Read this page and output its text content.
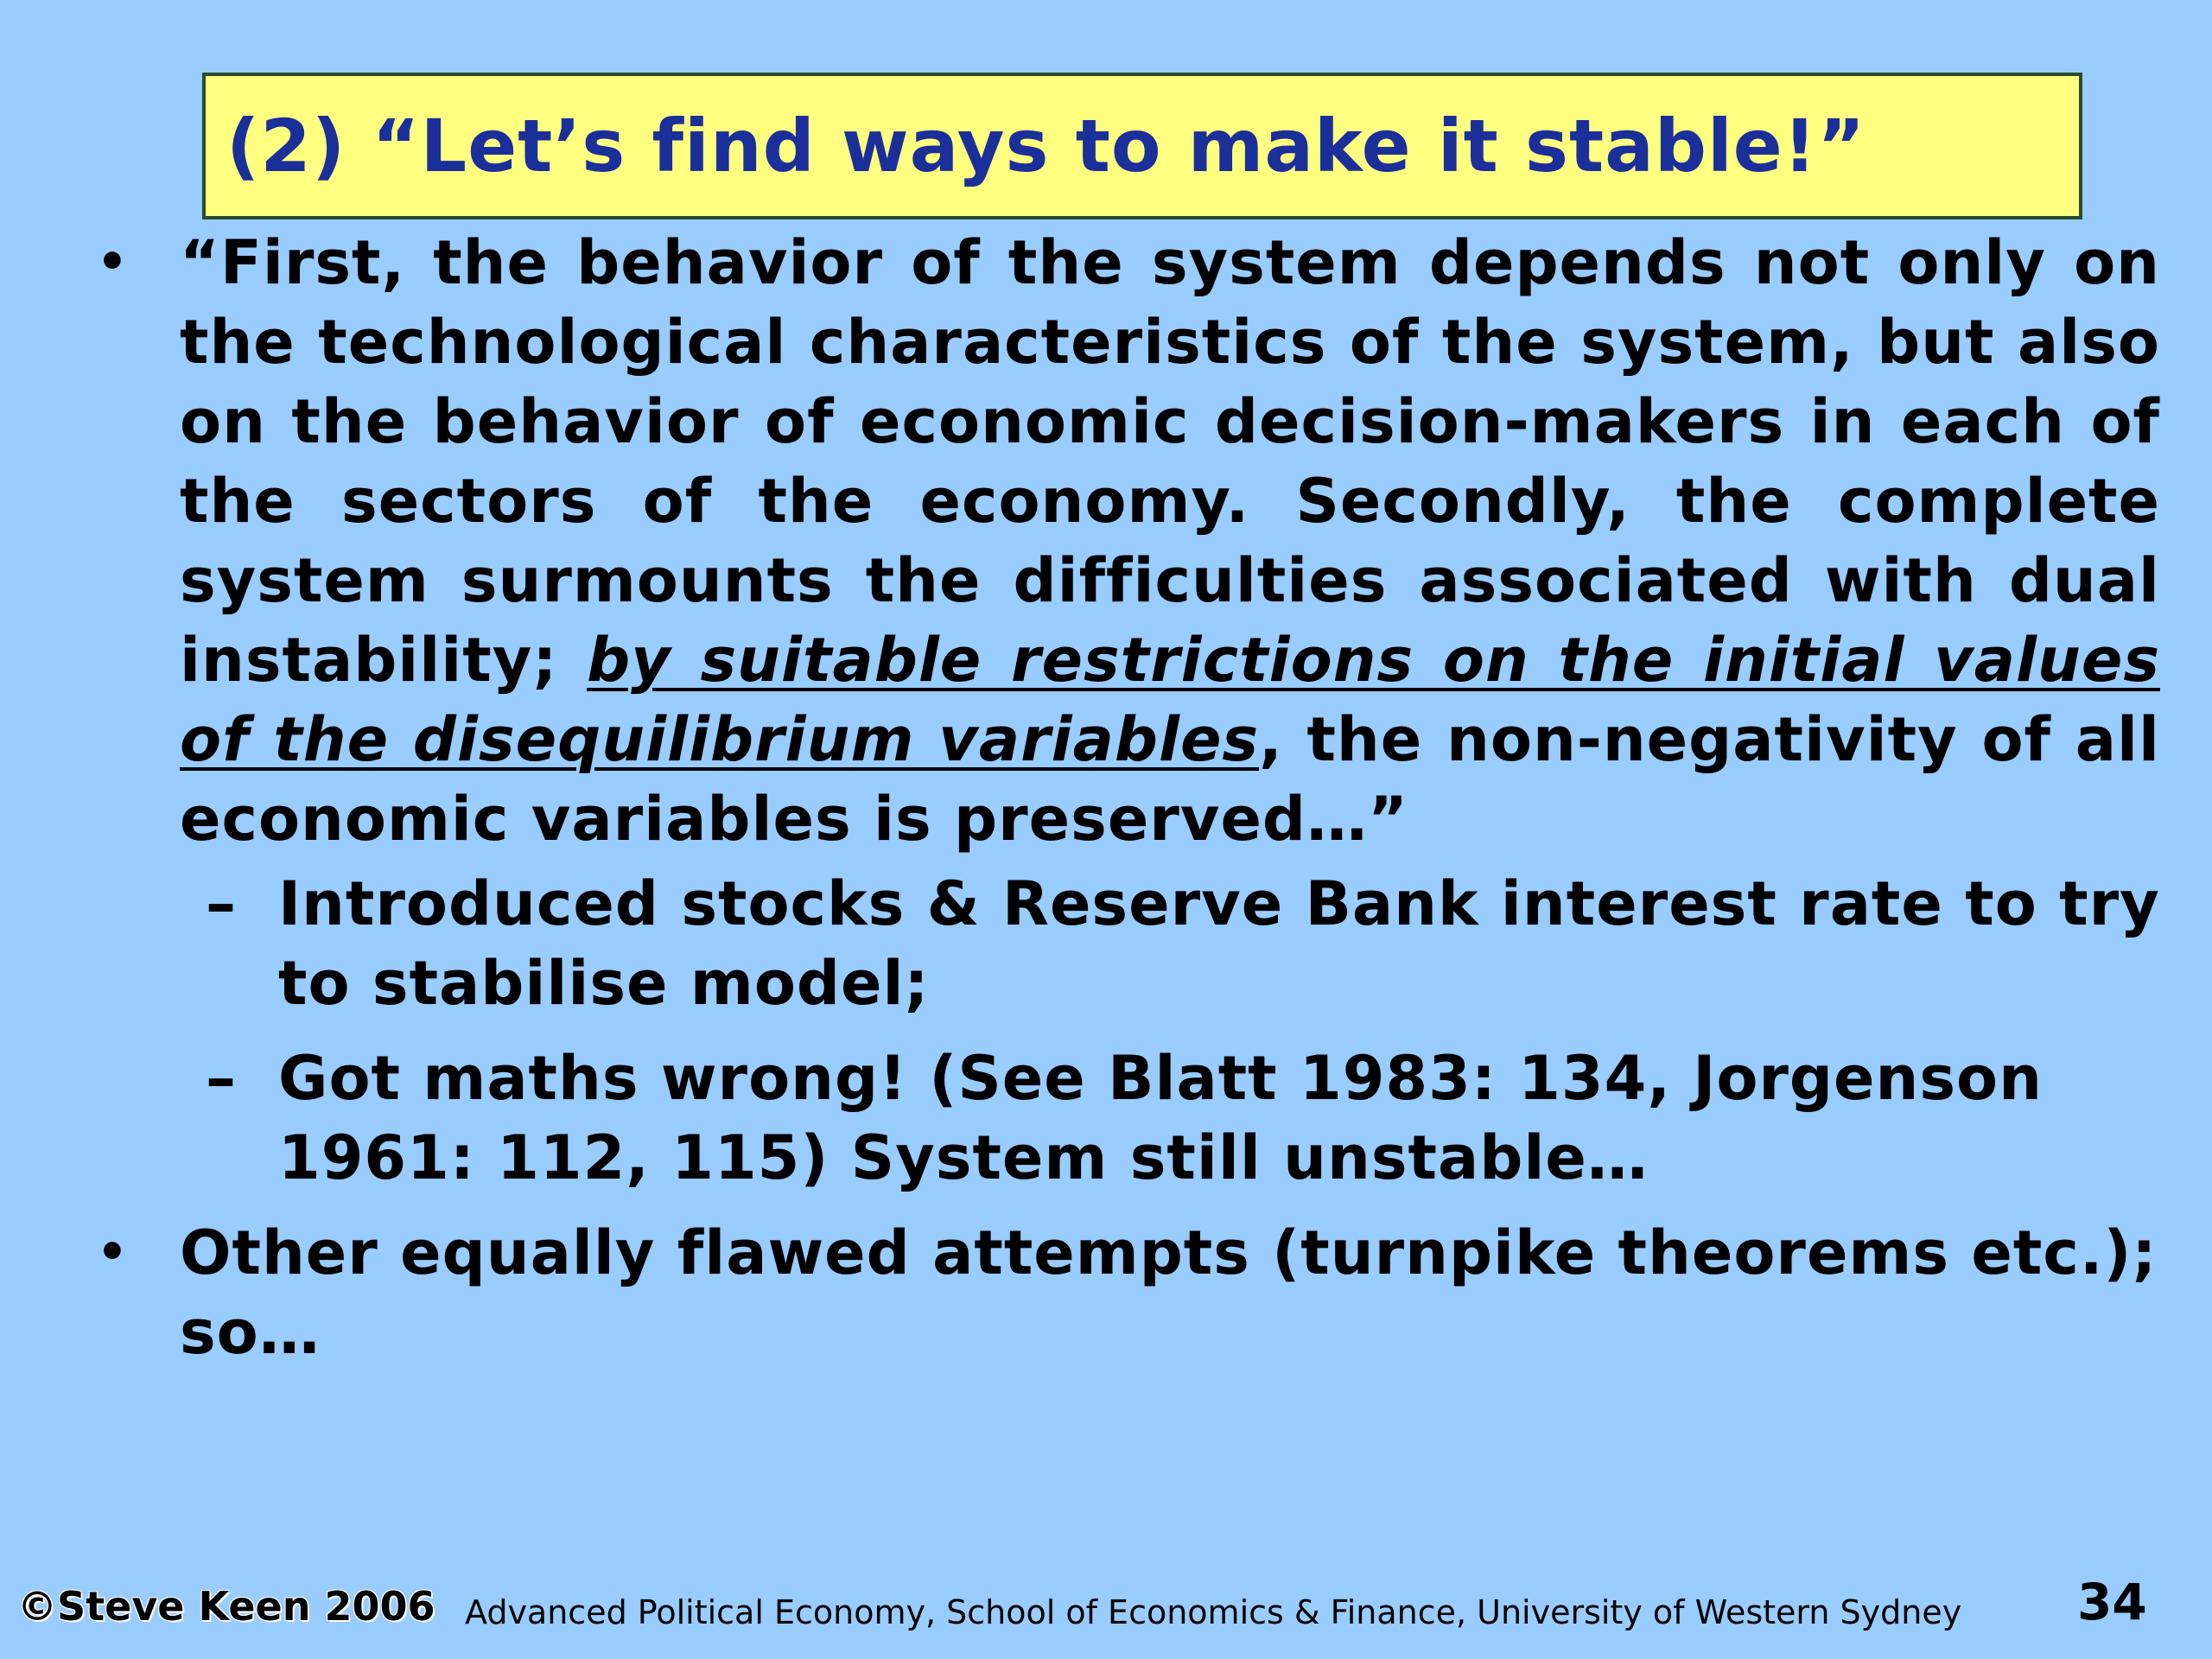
(2) “Let’s find ways to make it stable!”
• “First, the behavior of the system depends not only on the technological characteristics of the system, but also on the behavior of economic decision-makers in each of the sectors of the economy. Secondly, the complete system surmounts the difficulties associated with dual instability; by suitable restrictions on the initial values of the disequilibrium variables, the non-negativity of all economic variables is preserved…”
– Introduced stocks & Reserve Bank interest rate to try to stabilise model;
– Got maths wrong! (See Blatt 1983: 134, Jorgenson 1961: 112, 115) System still unstable…
• Other equally flawed attempts (turnpike theorems etc.); so…
©Steve Keen 2006 Advanced Political Economy, School of Economics & Finance, University of Western Sydney 34
